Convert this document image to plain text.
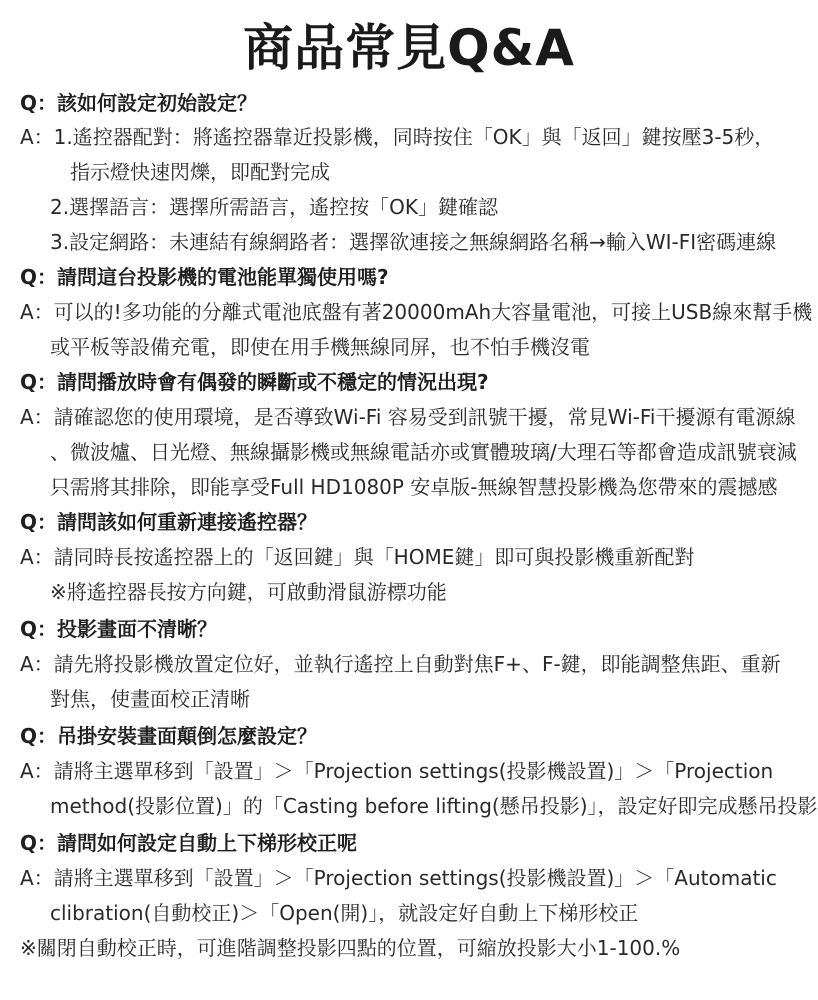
商品常見Q&A
Q：該如何設定初始設定？
A：1.遙控器配對：將遙控器靠近投影機，同時按住「OK」與「返回」鍵按壓3-5秒，
指示燈快速閃爍，即配對完成
2.選擇語言：選擇所需語言，遙控按「OK」鍵確認
3.設定網路：未連結有線網路者：選擇欲連接之無線網路名稱→輸入WI-FI密碼連線
Q：請問這台投影機的電池能單獨使用嗎?
A：可以的!多功能的分離式電池底盤有著20000mAh大容量電池，可接上USB線來幫手機
或平板等設備充電，即使在用手機無線同屏，也不怕手機沒電
Q：請問播放時會有偶發的瞬斷或不穩定的情況出現?
A：請確認您的使用環境，是否導致Wi-Fi 容易受到訊號干擾，常見Wi-Fi干擾源有電源線
、微波爐、日光燈、無線攝影機或無線電話亦或實體玻璃/大理石等都會造成訊號衰減
只需將其排除，即能享受Full HD1080P 安卓版-無線智慧投影機為您帶來的震撼感
Q：請問該如何重新連接遙控器？
A：請同時長按遙控器上的「返回鍵」與「HOME鍵」即可與投影機重新配對
※將遙控器長按方向鍵，可啟動滑鼠游標功能
Q：投影畫面不清晰？
A：請先將投影機放置定位好，並執行遙控上自動對焦F+、F-鍵，即能調整焦距、重新
對焦，使畫面校正清晰
Q：吊掛安裝畫面顛倒怎麼設定？
A：請將主選單移到「設置」＞「Projection settings(投影機設置)」＞「Projection
method(投影位置)」的「Casting before lifting(懸吊投影)」，設定好即完成懸吊投影
Q：請問如何設定自動上下梯形校正呢
A：請將主選單移到「設置」＞「Projection settings(投影機設置)」＞「Automatic
clibration(自動校正)＞「Open(開)」，就設定好自動上下梯形校正
※關閉自動校正時，可進階調整投影四點的位置，可縮放投影大小1-100.%
